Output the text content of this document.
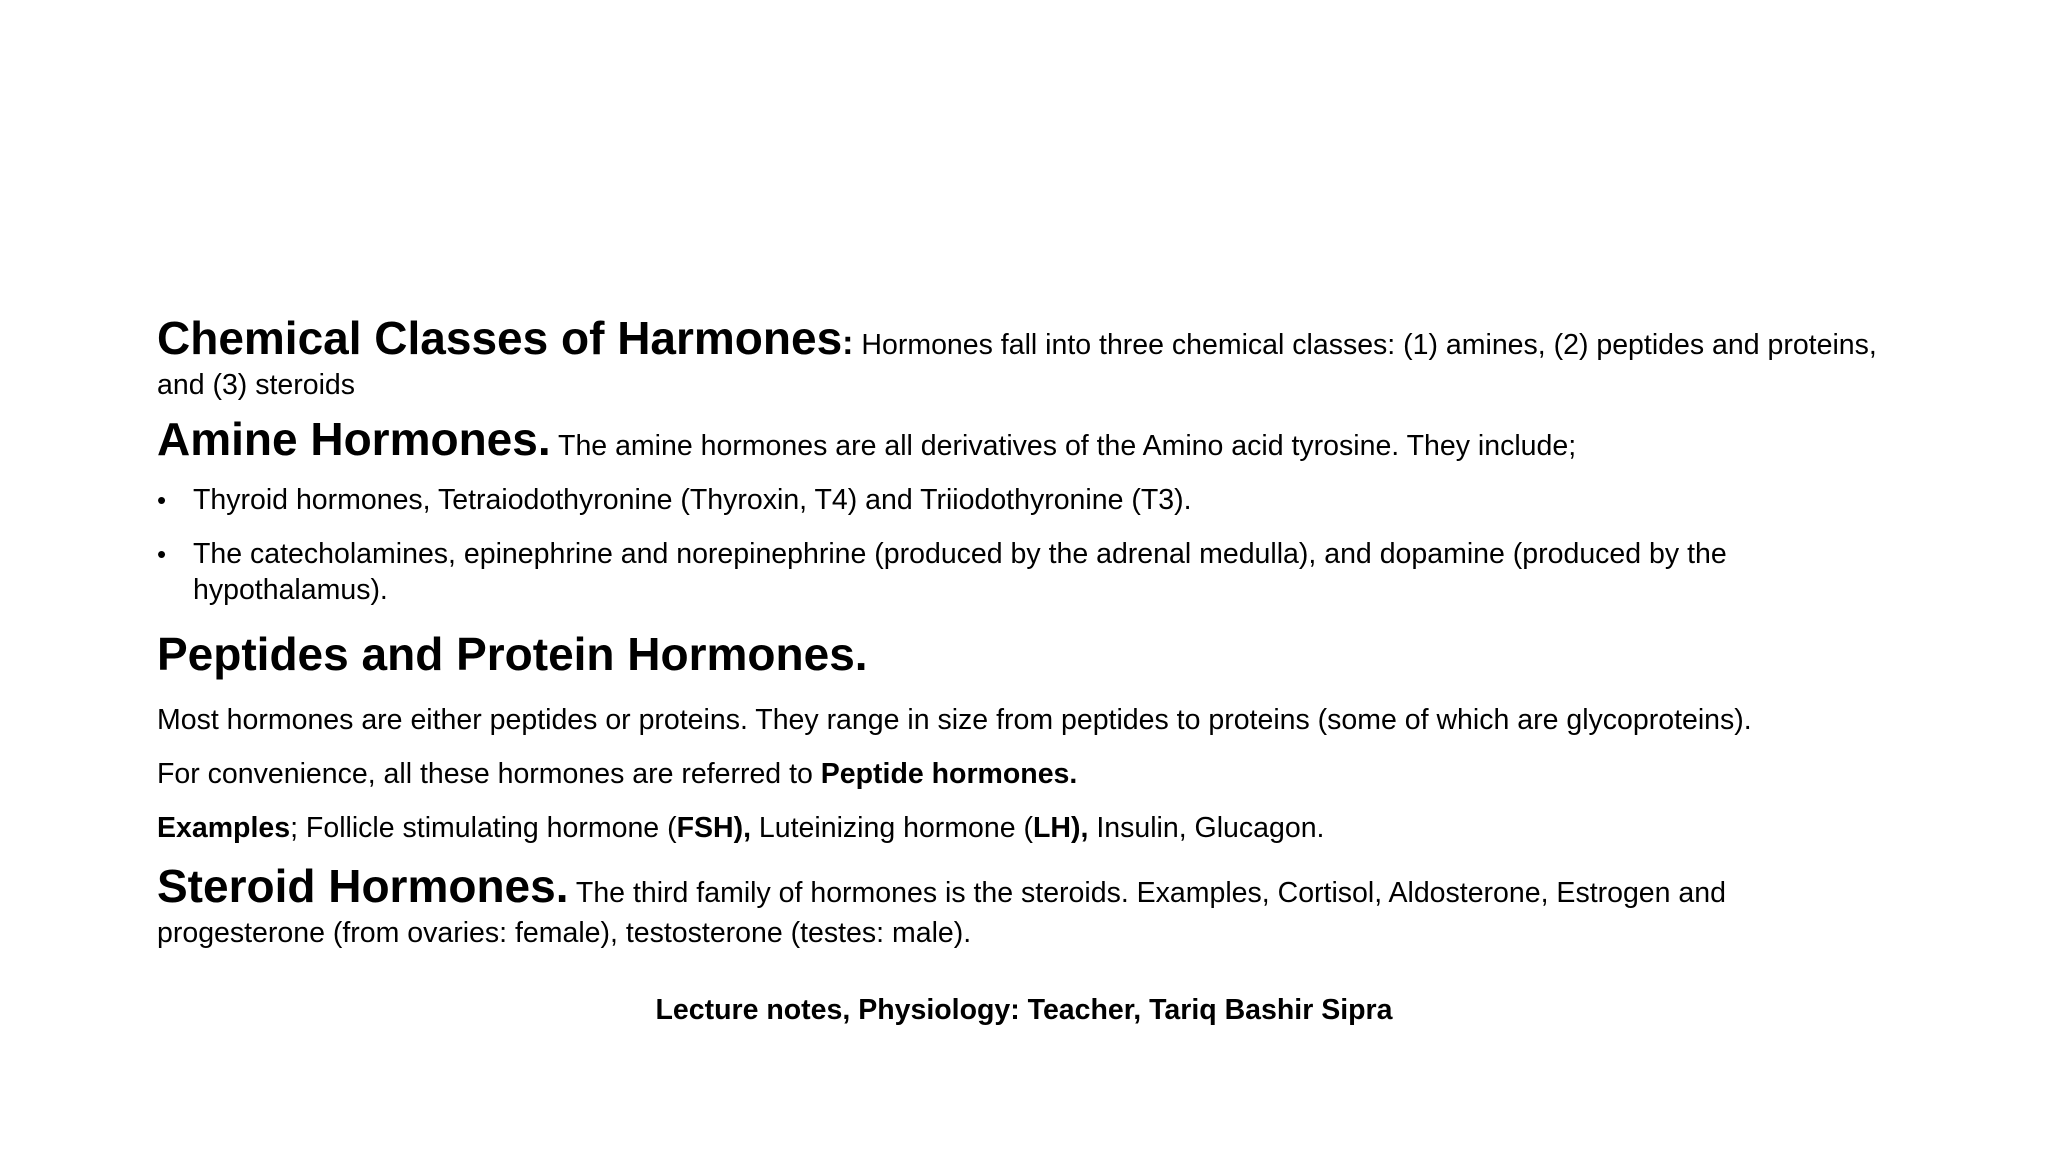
Chemical Classes of Harmones: Hormones fall into three chemical classes: (1) amines, (2) peptides and proteins, and (3) steroids

Amine Hormones. The amine hormones are all derivatives of the Amino acid tyrosine. They include;

• Thyroid hormones, Tetraiodothyronine (Thyroxin, T4) and Triiodothyronine (T3).
• The catecholamines, epinephrine and norepinephrine (produced by the adrenal medulla), and dopamine (produced by the hypothalamus).

Peptides and Protein Hormones.

Most hormones are either peptides or proteins. They range in size from peptides to proteins (some of which are glycoproteins).

For convenience, all these hormones are referred to Peptide hormones.

Examples; Follicle stimulating hormone (FSH), Luteinizing hormone (LH), Insulin, Glucagon.

Steroid Hormones. The third family of hormones is the steroids. Examples, Cortisol, Aldosterone, Estrogen and progesterone (from ovaries: female), testosterone (testes: male).

Lecture notes, Physiology: Teacher, Tariq Bashir Sipra
